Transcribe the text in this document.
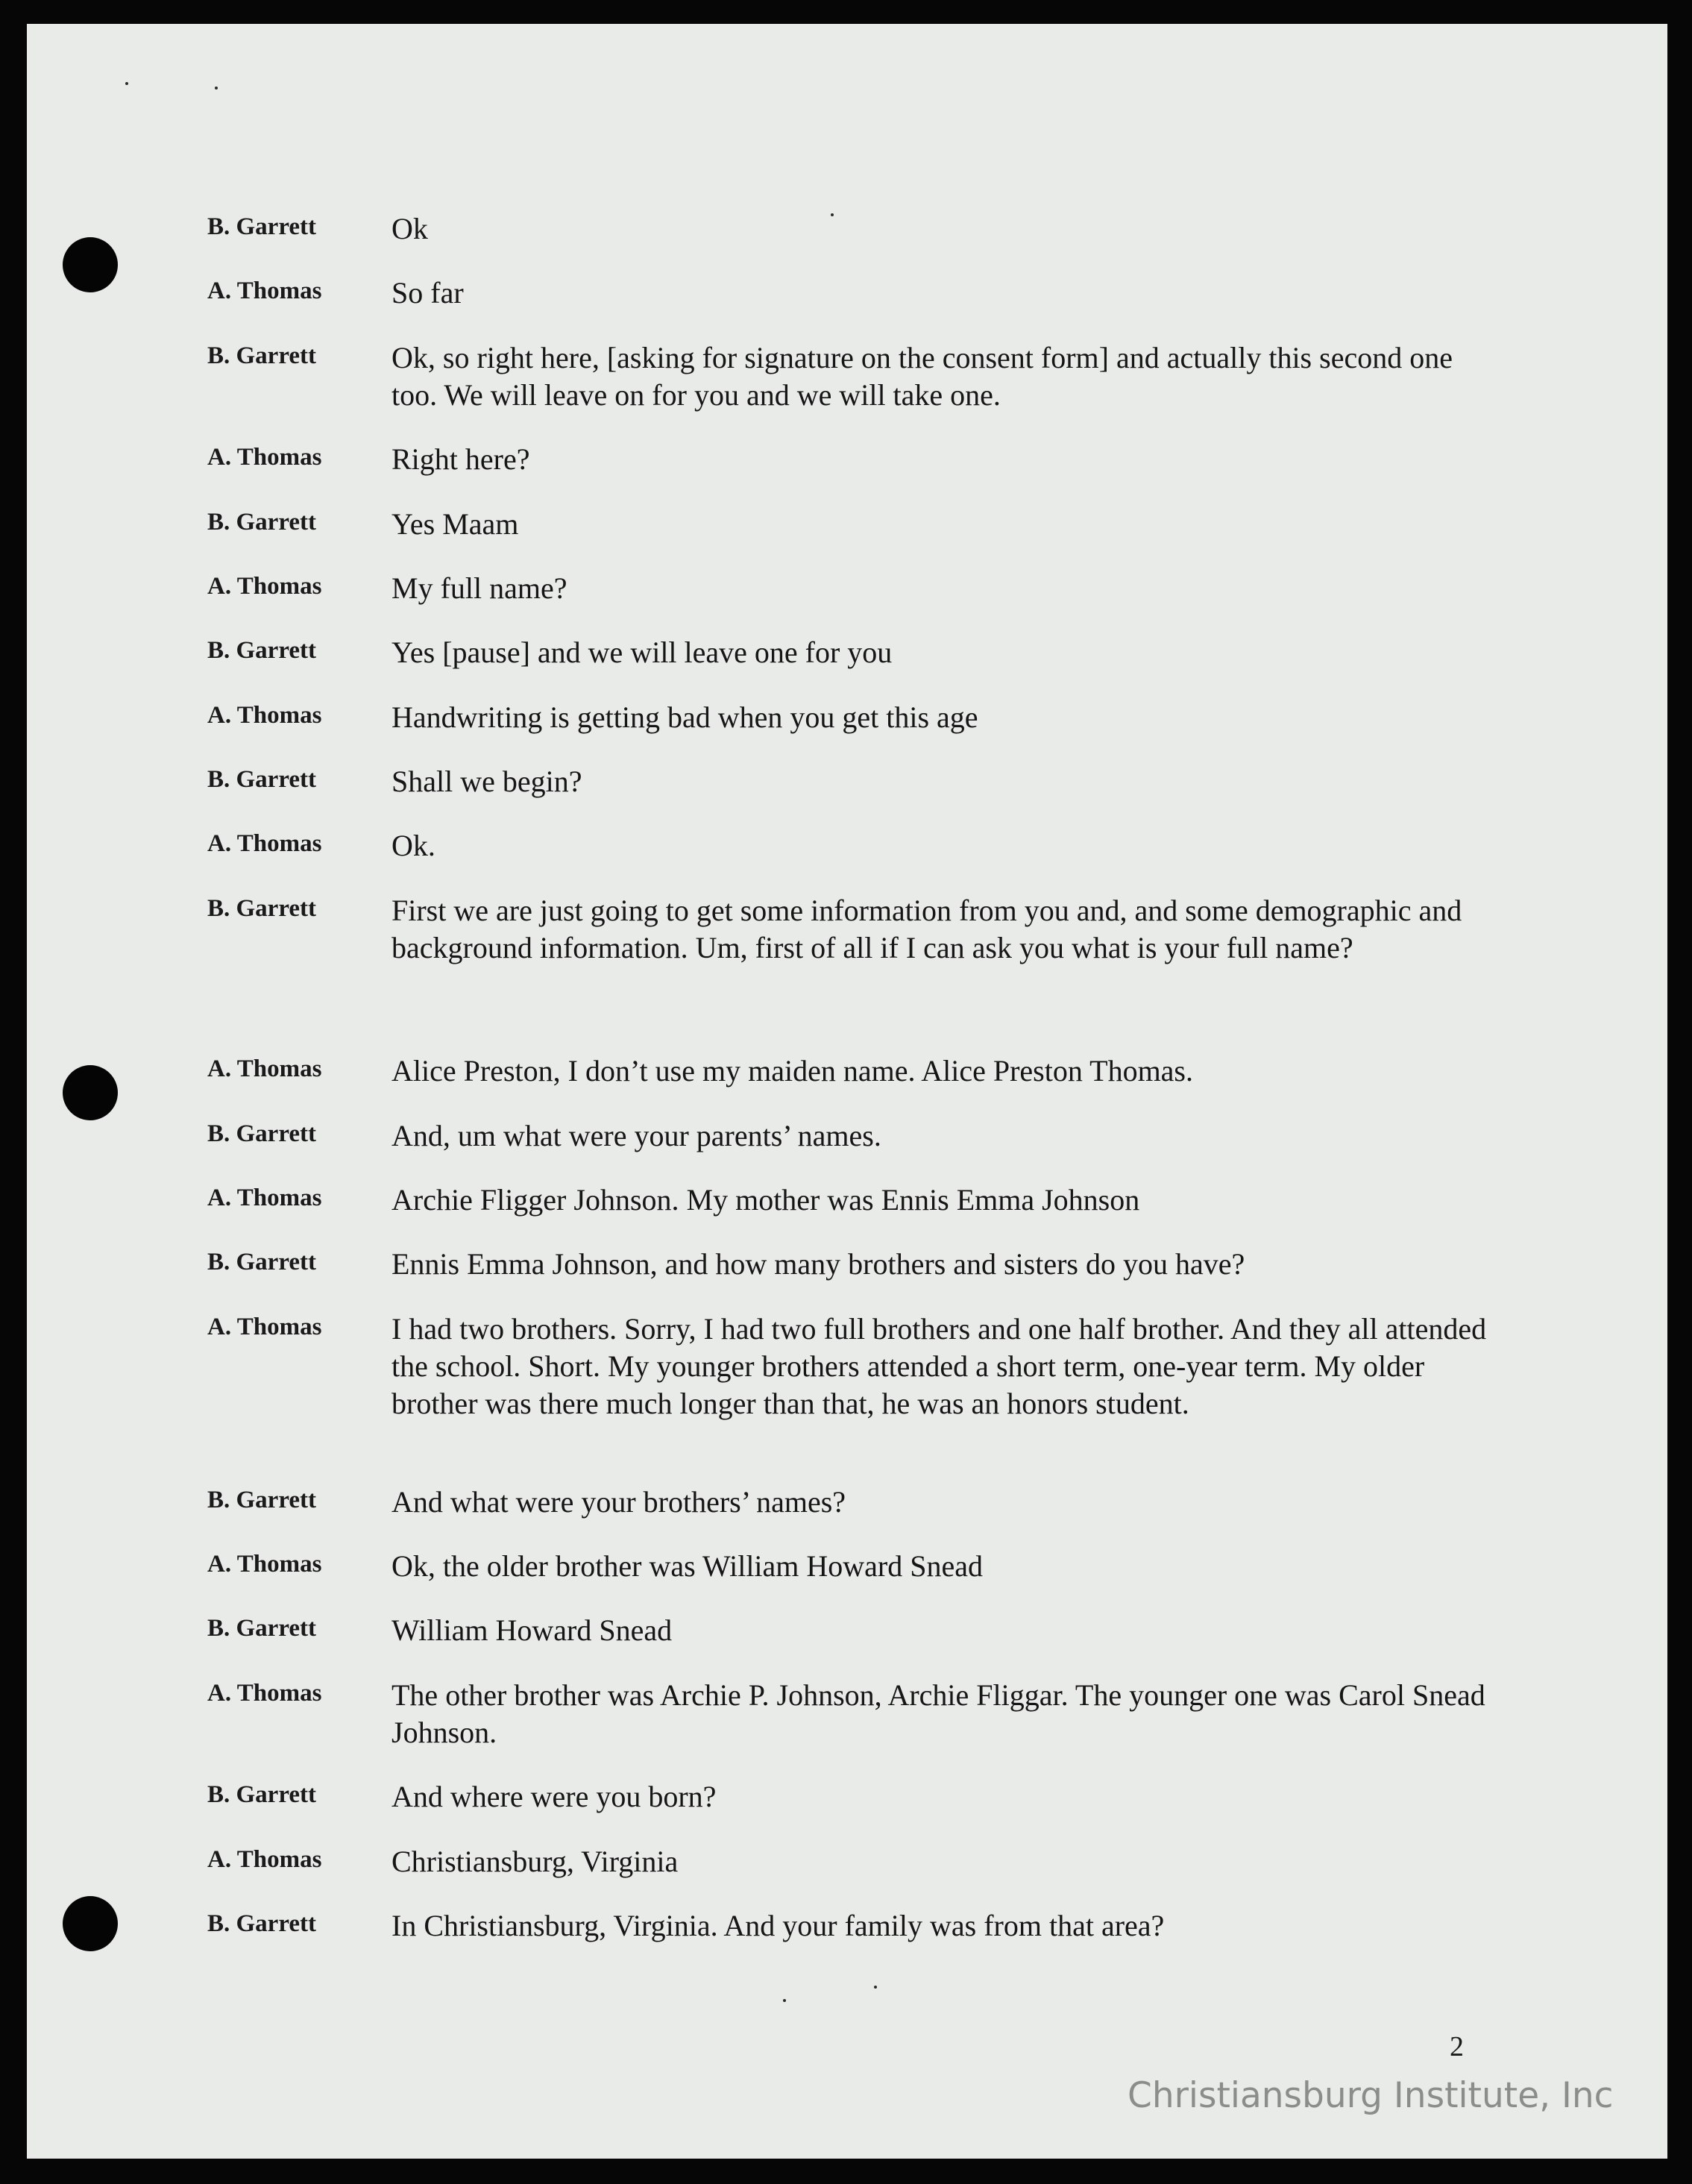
B. Garrett	Ok
A. Thomas So far
B. Garrett	Ok, so right here, [asking for signature on the consent form] and actually this second one too. We will leave on for you and we will take one.
A. Thomas Right here?
B. Garrett	Yes Maam
A. Thomas My full name?
B. Garrett	Yes [pause] and we will leave one for you
A. Thomas Handwriting is getting bad when you get this age
B. Garrett	Shall we begin?
A. Thomas Ok.
B. Garrett	First we are just going to get some information from you and, and some demographic and background information. Um, first of all if I can ask you what is your full name?
A. Thomas Alice Preston, I don’t use my maiden name. Alice Preston Thomas.
B. Garrett	And, um what were your parents’ names.
A. Thomas Archie Fligger Johnson. My mother was Ennis Emma Johnson
B. Garrett	Ennis Emma Johnson, and how many brothers and sisters do you have?
A. Thomas I had two brothers. Sorry, I had two full brothers and one half brother. And they all attended the school. Short. My younger brothers attended a short term, one-year term. My older brother was there much longer than that, he was an honors student.
B. Garrett	And what were your brothers’ names?
A. Thomas Ok, the older brother was William Howard Snead
B. Garrett	William Howard Snead
A. Thomas The other brother was Archie P. Johnson, Archie Fliggar. The younger one was Carol Snead Johnson.
B. Garrett	And where were you born?
A. Thomas Christiansburg, Virginia
B. Garrett	In Christiansburg, Virginia. And your family was from that area?
2
Christiansburg Institute, Inc
